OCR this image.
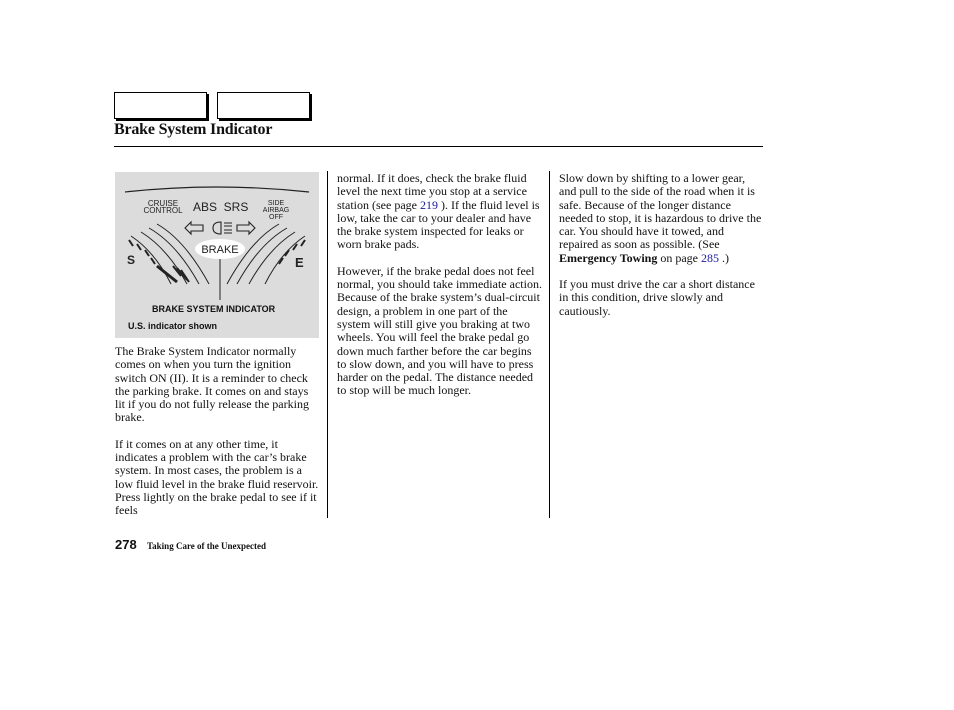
Brake System Indicator
CRUISE
CONTROL ABS SRS	SIDE
AIRBAG
OFF
BRAKE
S	E
BRAKE SYSTEM INDICATOR
U.S. indicator shown

The Brake System Indicator normally comes on when you turn the ignition switch ON (II). It is a reminder to check the parking brake. It comes on and stays lit if you do not fully release the parking brake.

If it comes on at any other time, it indicates a problem with the car’s brake system. In most cases, the problem is a low fluid level in the brake fluid reservoir. Press lightly on the brake pedal to see if it feels

normal. If it does, check the brake fluid level the next time you stop at a service station (see page 219 ). If the fluid level is low, take the car to your dealer and have the brake system inspected for leaks or worn brake pads.

However, if the brake pedal does not feel normal, you should take immediate action. Because of the brake system’s dual-circuit design, a problem in one part of the system will still give you braking at two wheels. You will feel the brake pedal go down much farther before the car begins to slow down, and you will have to press harder on the pedal. The distance needed to stop will be much longer.

Slow down by shifting to a lower gear, and pull to the side of the road when it is safe. Because of the longer distance needed to stop, it is hazardous to drive the car. You should have it towed, and repaired as soon as possible. (See Emergency Towing on page 285 .)

If you must drive the car a short distance in this condition, drive slowly and cautiously.

278 Taking Care of the Unexpected
